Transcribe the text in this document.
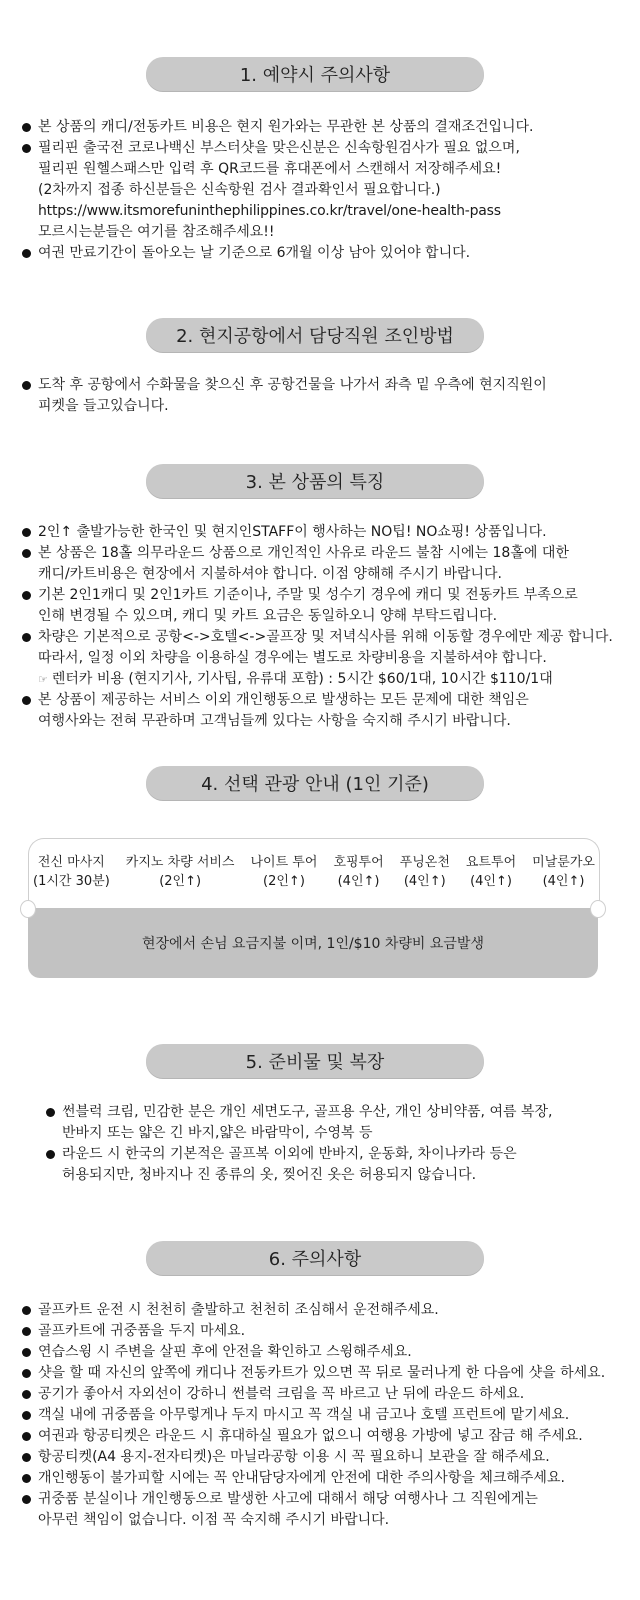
1. 예약시 주의사항
본 상품의 캐디/전동카트 비용은 현지 원가와는 무관한 본 상품의 결재조건입니다.
필리핀 출국전 코로나백신 부스터샷을 맞은신분은 신속항원검사가 필요 없으며,
필리핀 원헬스패스만 입력 후 QR코드를 휴대폰에서 스캔해서 저장해주세요!
(2차까지 접종 하신분들은 신속항원 검사 결과확인서 필요합니다.)
https://www.itsmorefuninthephilippines.co.kr/travel/one-health-pass
모르시는분들은 여기를 참조해주세요!!
여권 만료기간이 돌아오는 날 기준으로 6개월 이상 남아 있어야 합니다.
2. 현지공항에서 담당직원 조인방법
도착 후 공항에서 수화물을 찾으신 후 공항건물을 나가서 좌측 밑 우측에 현지직원이
피켓을 들고있습니다.
3. 본 상품의 특징
2인↑ 출발가능한 한국인 및 현지인STAFF이 행사하는 NO팁! NO쇼핑! 상품입니다.
본 상품은 18홀 의무라운드 상품으로 개인적인 사유로 라운드 불참 시에는 18홀에 대한
캐디/카트비용은 현장에서 지불하셔야 합니다. 이점 양해해 주시기 바랍니다.
기본 2인1캐디 및 2인1카트 기준이나, 주말 및 성수기 경우에 캐디 및 전동카트 부족으로
인해 변경될 수 있으며, 캐디 및 카트 요금은 동일하오니 양해 부탁드립니다.
차량은 기본적으로 공항<->호텔<->골프장 및 저녁식사를 위해 이동할 경우에만 제공 합니다.
따라서, 일정 이외 차량을 이용하실 경우에는 별도로 차량비용을 지불하셔야 합니다.
☞ 렌터카 비용 (현지기사, 기사팁, 유류대 포함) : 5시간 $60/1대, 10시간 $110/1대
본 상품이 제공하는 서비스 이외 개인행동으로 발생하는 모든 문제에 대한 책임은
여행사와는 전혀 무관하며 고객님들께 있다는 사항을 숙지해 주시기 바랍니다.
4. 선택 관광 안내 (1인 기준)
전신 마사지
(1시간 30분)
카지노 차량 서비스
(2인↑)
나이트 투어
(2인↑)
호핑투어
(4인↑)
푸닝온천
(4인↑)
요트투어
(4인↑)
미날룬가오
(4인↑)
현장에서 손님 요금지불 이며, 1인/$10 차량비 요금발생
5. 준비물 및 복장
썬블럭 크림, 민감한 분은 개인 세면도구, 골프용 우산, 개인 상비약품, 여름 복장,
반바지 또는 얇은 긴 바지,얇은 바람막이, 수영복 등
라운드 시 한국의 기본적은 골프복 이외에 반바지, 운동화, 차이나카라 등은
허용되지만, 청바지나 진 종류의 옷, 찢어진 옷은 허용되지 않습니다.
6. 주의사항
골프카트 운전 시 천천히 출발하고 천천히 조심해서 운전해주세요.
골프카트에 귀중품을 두지 마세요.
연습스윙 시 주변을 살핀 후에 안전을 확인하고 스윙해주세요.
샷을 할 때 자신의 앞쪽에 캐디나 전동카트가 있으면 꼭 뒤로 물러나게 한 다음에 샷을 하세요.
공기가 좋아서 자외선이 강하니 썬블럭 크림을 꼭 바르고 난 뒤에 라운드 하세요.
객실 내에 귀중품을 아무렇게나 두지 마시고 꼭 객실 내 금고나 호텔 프런트에 맡기세요.
여권과 항공티켓은 라운드 시 휴대하실 필요가 없으니 여행용 가방에 넣고 잠금 해 주세요.
항공티켓(A4 용지-전자티켓)은 마닐라공항 이용 시 꼭 필요하니 보관을 잘 해주세요.
개인행동이 불가피할 시에는 꼭 안내담당자에게 안전에 대한 주의사항을 체크해주세요.
귀중품 분실이나 개인행동으로 발생한 사고에 대해서 해당 여행사나 그 직원에게는
아무런 책임이 없습니다. 이점 꼭 숙지해 주시기 바랍니다.
